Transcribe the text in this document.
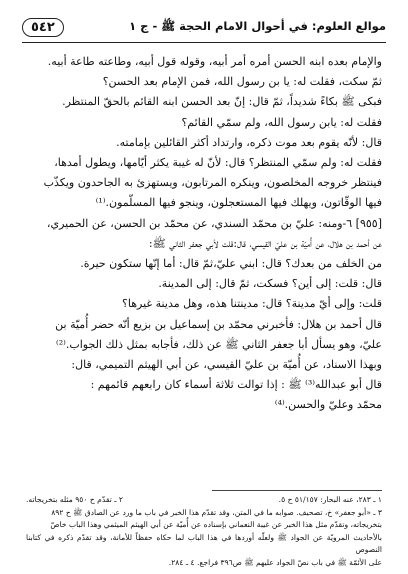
موالع العلوم: في أحوال الامام الحجة ﷺ - ج ١
٥٤٢

والإمام بعده ابنه الحسن أمره أمر أبيه، وقوله قول أبيه، وطاعته طاعة أبيه.

ثمّ سكت، فقلت له: يا بن رسول الله، فمن الإمام بعد الحسن؟

فبكى ﷺ بكاءً شديداً، ثمّ قال: إنّ بعد الحسن ابنه القائم بالحقّ المنتظر.

فقلت له: يابن رسول الله، ولم سمّي القائم؟

قال: لأنّه يقوم بعد موت ذكره، وارتداد أكثر القائلين بإمامته.

فقلت له: ولم سمّي المنتظر؟ قال: لأنّ له غيبة يكثر أيّامها، ويطول أمدها،

فينتظر خروجه المخلصون، وينكره المرتابون، ويستهزئ به الجاحدون ويكذّب

فيها الوقّاتون، ويهلك فيها المستعجلون، وينجو فيها المسلّمون.⁽¹⁾

[٩٥٥] ٦-ومنه: عليّ بن محمّد السندي، عن محمّد بن الحسن، عن الحميري،

عن أحمد بن هلال، عن أُميّة بن عليّ القيسي، قال:قلت لأبي جعفر الثاني ﷺ:

من الخلف من بعدك؟ قال: ابني عليّ،ثمّ قال: أما إنّها ستكون حيرة.

قال: قلت: إلى أين؟ فسكت، ثمّ قال: إلى المدينة.

قلت: وإلى أيّ مدينة؟ قال: مدينتنا هذه، وهل مدينة غيرها؟

قال أحمد بن هلال: فأخبرني محمّد بن إسماعيل بن بزيع أنّه حضر أُميّة بن

عليّ، وهو يسأل أبا جعفر الثاني ﷺ عن ذلك، فأجابه بمثل ذلك الجواب.⁽²⁾

وبهذا الاسناد، عن أُميّة بن عليّ القيسي، عن أبي الهيثم التميمي، قال:

قال أبو عبدالله⁽³⁾ ﷺ : إذا توالت ثلاثة أسماء كان رابعهم قائمهم :

محمّد وعليّ والحسن.⁽⁴⁾

١ ـ ٢٨٣، عنه البحار: ٥١/١٥٧ ح ٥.
٢ ـ تقدّم ح ٩٥٠ مثله بتخريجاته.

٣ ـ «أبو جعفر» خ، تصحيف. صوابه ما في المتن، وقد تقدّم هذا الخبر في باب ما ورد عن الصادق ﷺ ح ٨٩٢

بتخريجاته، وتقدّم مثل هذا الخبر عن غيبة النعماني بإسناده عن أُميّة عن أبي الهيثم الميثمي وهذا الباب خاصّ

بالأحاديث المرويّة عن الجواد ﷺ ولعلّه أوردها في هذا الباب لما حكاه حفظاً للأمانة، وقد تقدّم ذكره في كتابنا النصوص

على الأئمّة ﷺ في باب نصّ الجواد عليهم ﷺ ص٣٩٦ فراجع. ٤ ـ ٢٨٤.
